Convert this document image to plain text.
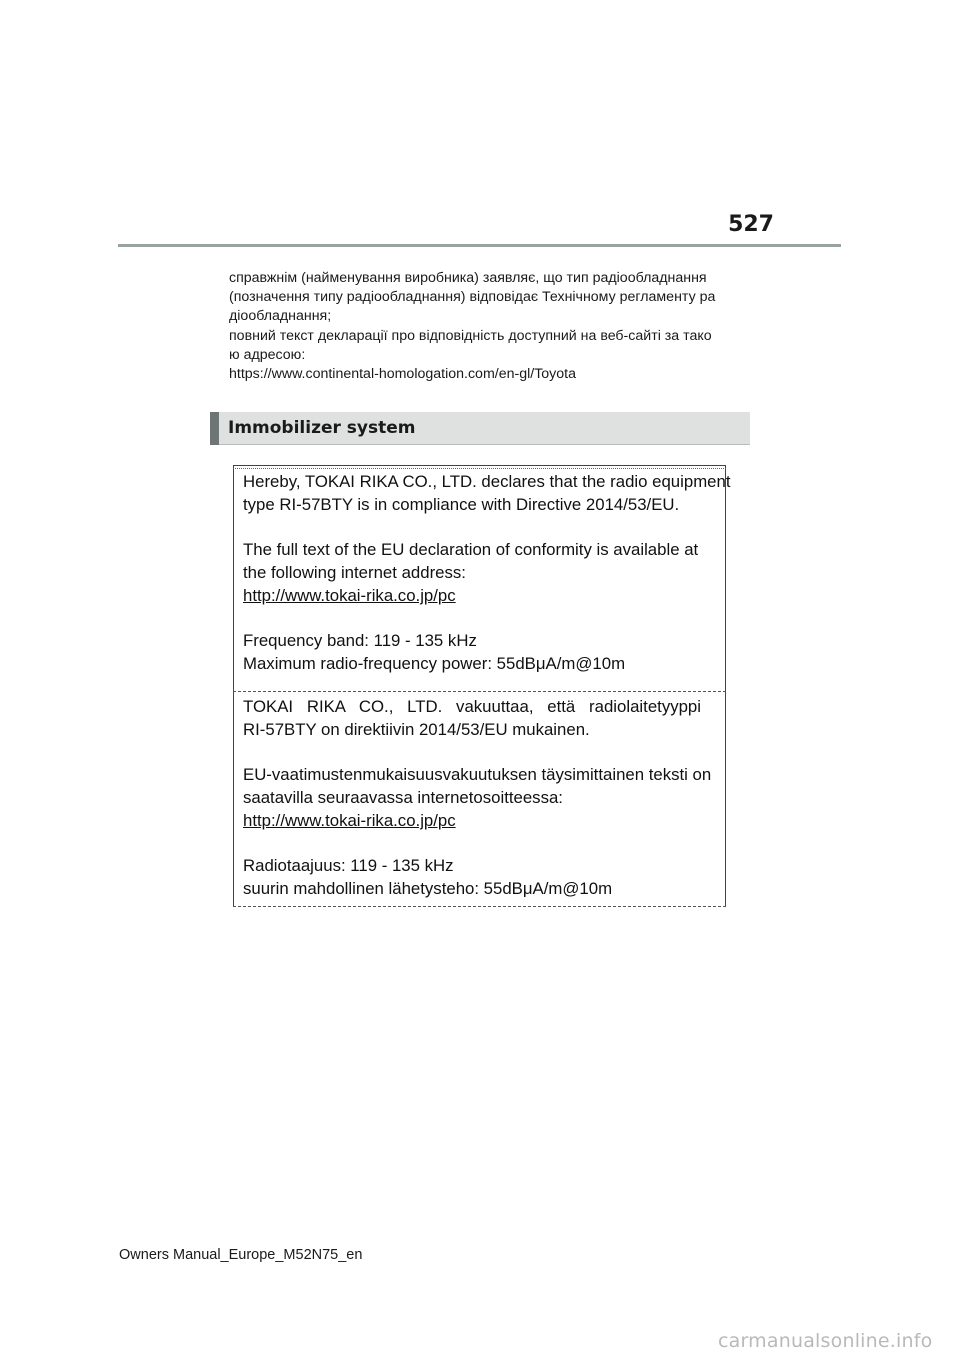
527
справжнім (найменування виробника) заявляє, що тип радіообладнання
(позначення типу радіообладнання) відповідає Технічному регламенту ра
діообладнання;
повний текст декларації про відповідність доступний на веб-сайті за тако
ю адресою:
https://www.continental-homologation.com/en-gl/Toyota
Immobilizer system
Hereby, TOKAI RIKA CO., LTD. declares that the radio equipment
type RI-57BTY is in compliance with Directive 2014/53/EU.
The full text of the EU declaration of conformity is available at
the following internet address:
http://www.tokai-rika.co.jp/pc
Frequency band: 119 - 135 kHz
Maximum radio-frequency power: 55dBμA/m@10m
TOKAI RIKA CO., LTD. vakuuttaa, että radiolaitetyyppi
RI-57BTY on direktiivin 2014/53/EU mukainen.
EU-vaatimustenmukaisuusvakuutuksen täysimittainen teksti on
saatavilla seuraavassa internetosoitteessa:
http://www.tokai-rika.co.jp/pc
Radiotaajuus: 119 - 135 kHz
suurin mahdollinen lähetysteho: 55dBμA/m@10m
Owners Manual_Europe_M52N75_en
carmanualsonline.info
